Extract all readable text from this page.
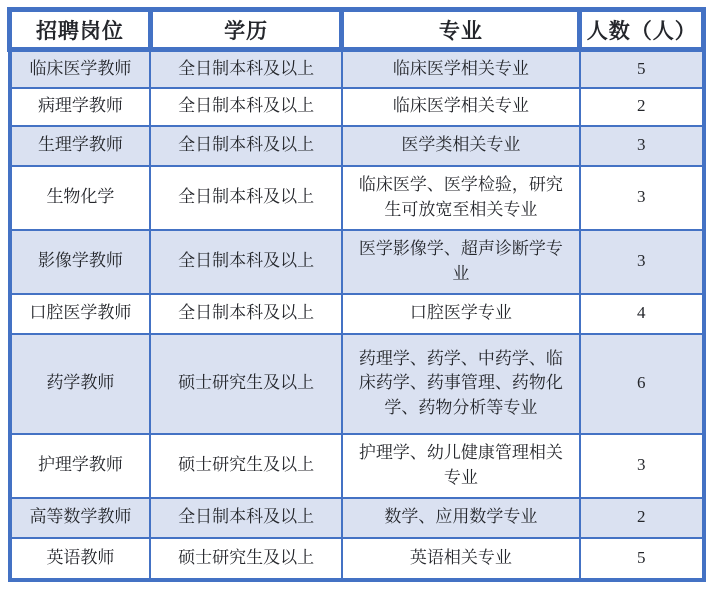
招聘岗位	学历	专业	人数（人）
临床医学教师	全日制本科及以上	临床医学相关专业	5
病理学教师	全日制本科及以上	临床医学相关专业	2
生理学教师	全日制本科及以上	医学类相关专业	3
生物化学	全日制本科及以上	临床医学、医学检验，研究生可放宽至相关专业	3
影像学教师	全日制本科及以上	医学影像学、超声诊断学专业	3
口腔医学教师	全日制本科及以上	口腔医学专业	4
药学教师	硕士研究生及以上	药理学、药学、中药学、临床药学、药事管理、药物化学、药物分析等专业	6
护理学教师	硕士研究生及以上	护理学、幼儿健康管理相关专业	3
高等数学教师	全日制本科及以上	数学、应用数学专业	2
英语教师	硕士研究生及以上	英语相关专业	5
